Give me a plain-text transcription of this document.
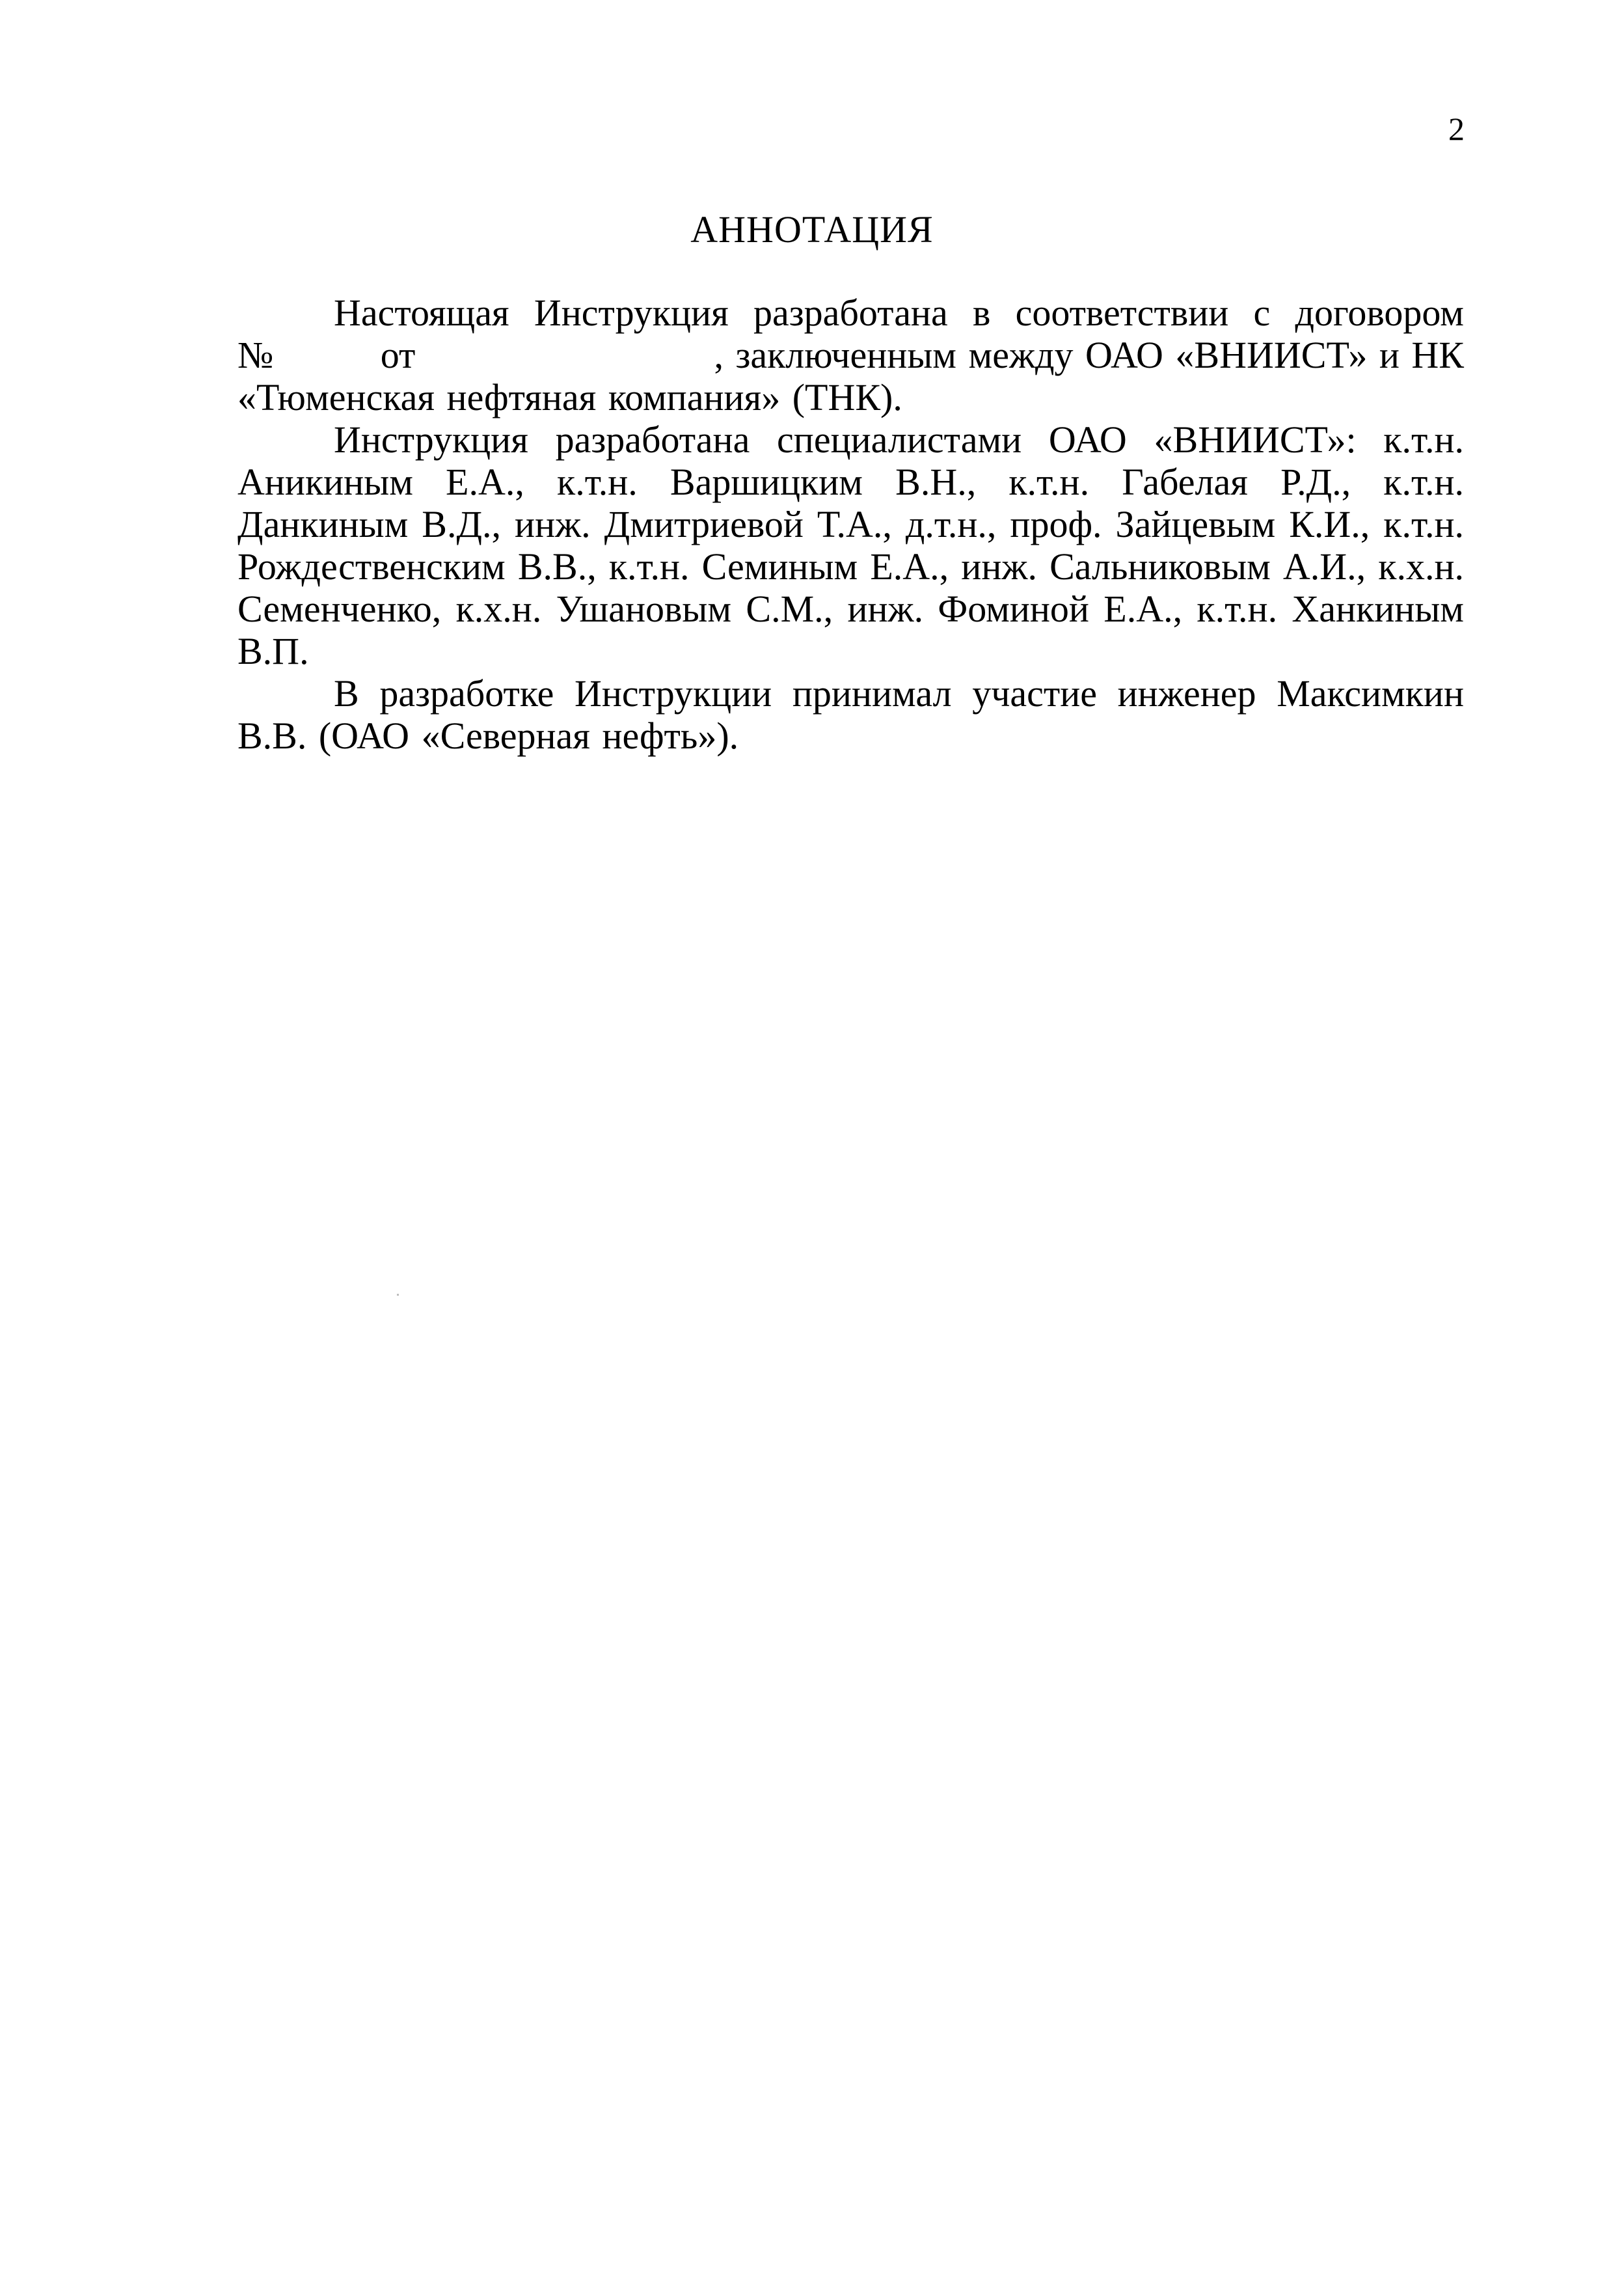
2
АННОТАЦИЯ
Настоящая Инструкция разработана в соответствии с договором
№	от	, заключенным между ОАО «ВНИИСТ» и НК
«Тюменская нефтяная компания» (ТНК).

Инструкция разработана специалистами ОАО «ВНИИСТ»: к.т.н. Аникиным Е.А., к.т.н. Варшицким В.Н., к.т.н. Габелая Р.Д., к.т.н. Данкиным В.Д., инж. Дмитриевой Т.А., д.т.н., проф. Зайцевым К.И., к.т.н. Рождественским В.В., к.т.н. Семиным Е.А., инж. Сальниковым А.И., к.х.н. Семенченко, к.х.н. Ушановым С.М., инж. Фоминой Е.А., к.т.н. Ханкиным В.П.

В разработке Инструкции принимал участие инженер Максимкин В.В. (ОАО «Северная нефть»).
